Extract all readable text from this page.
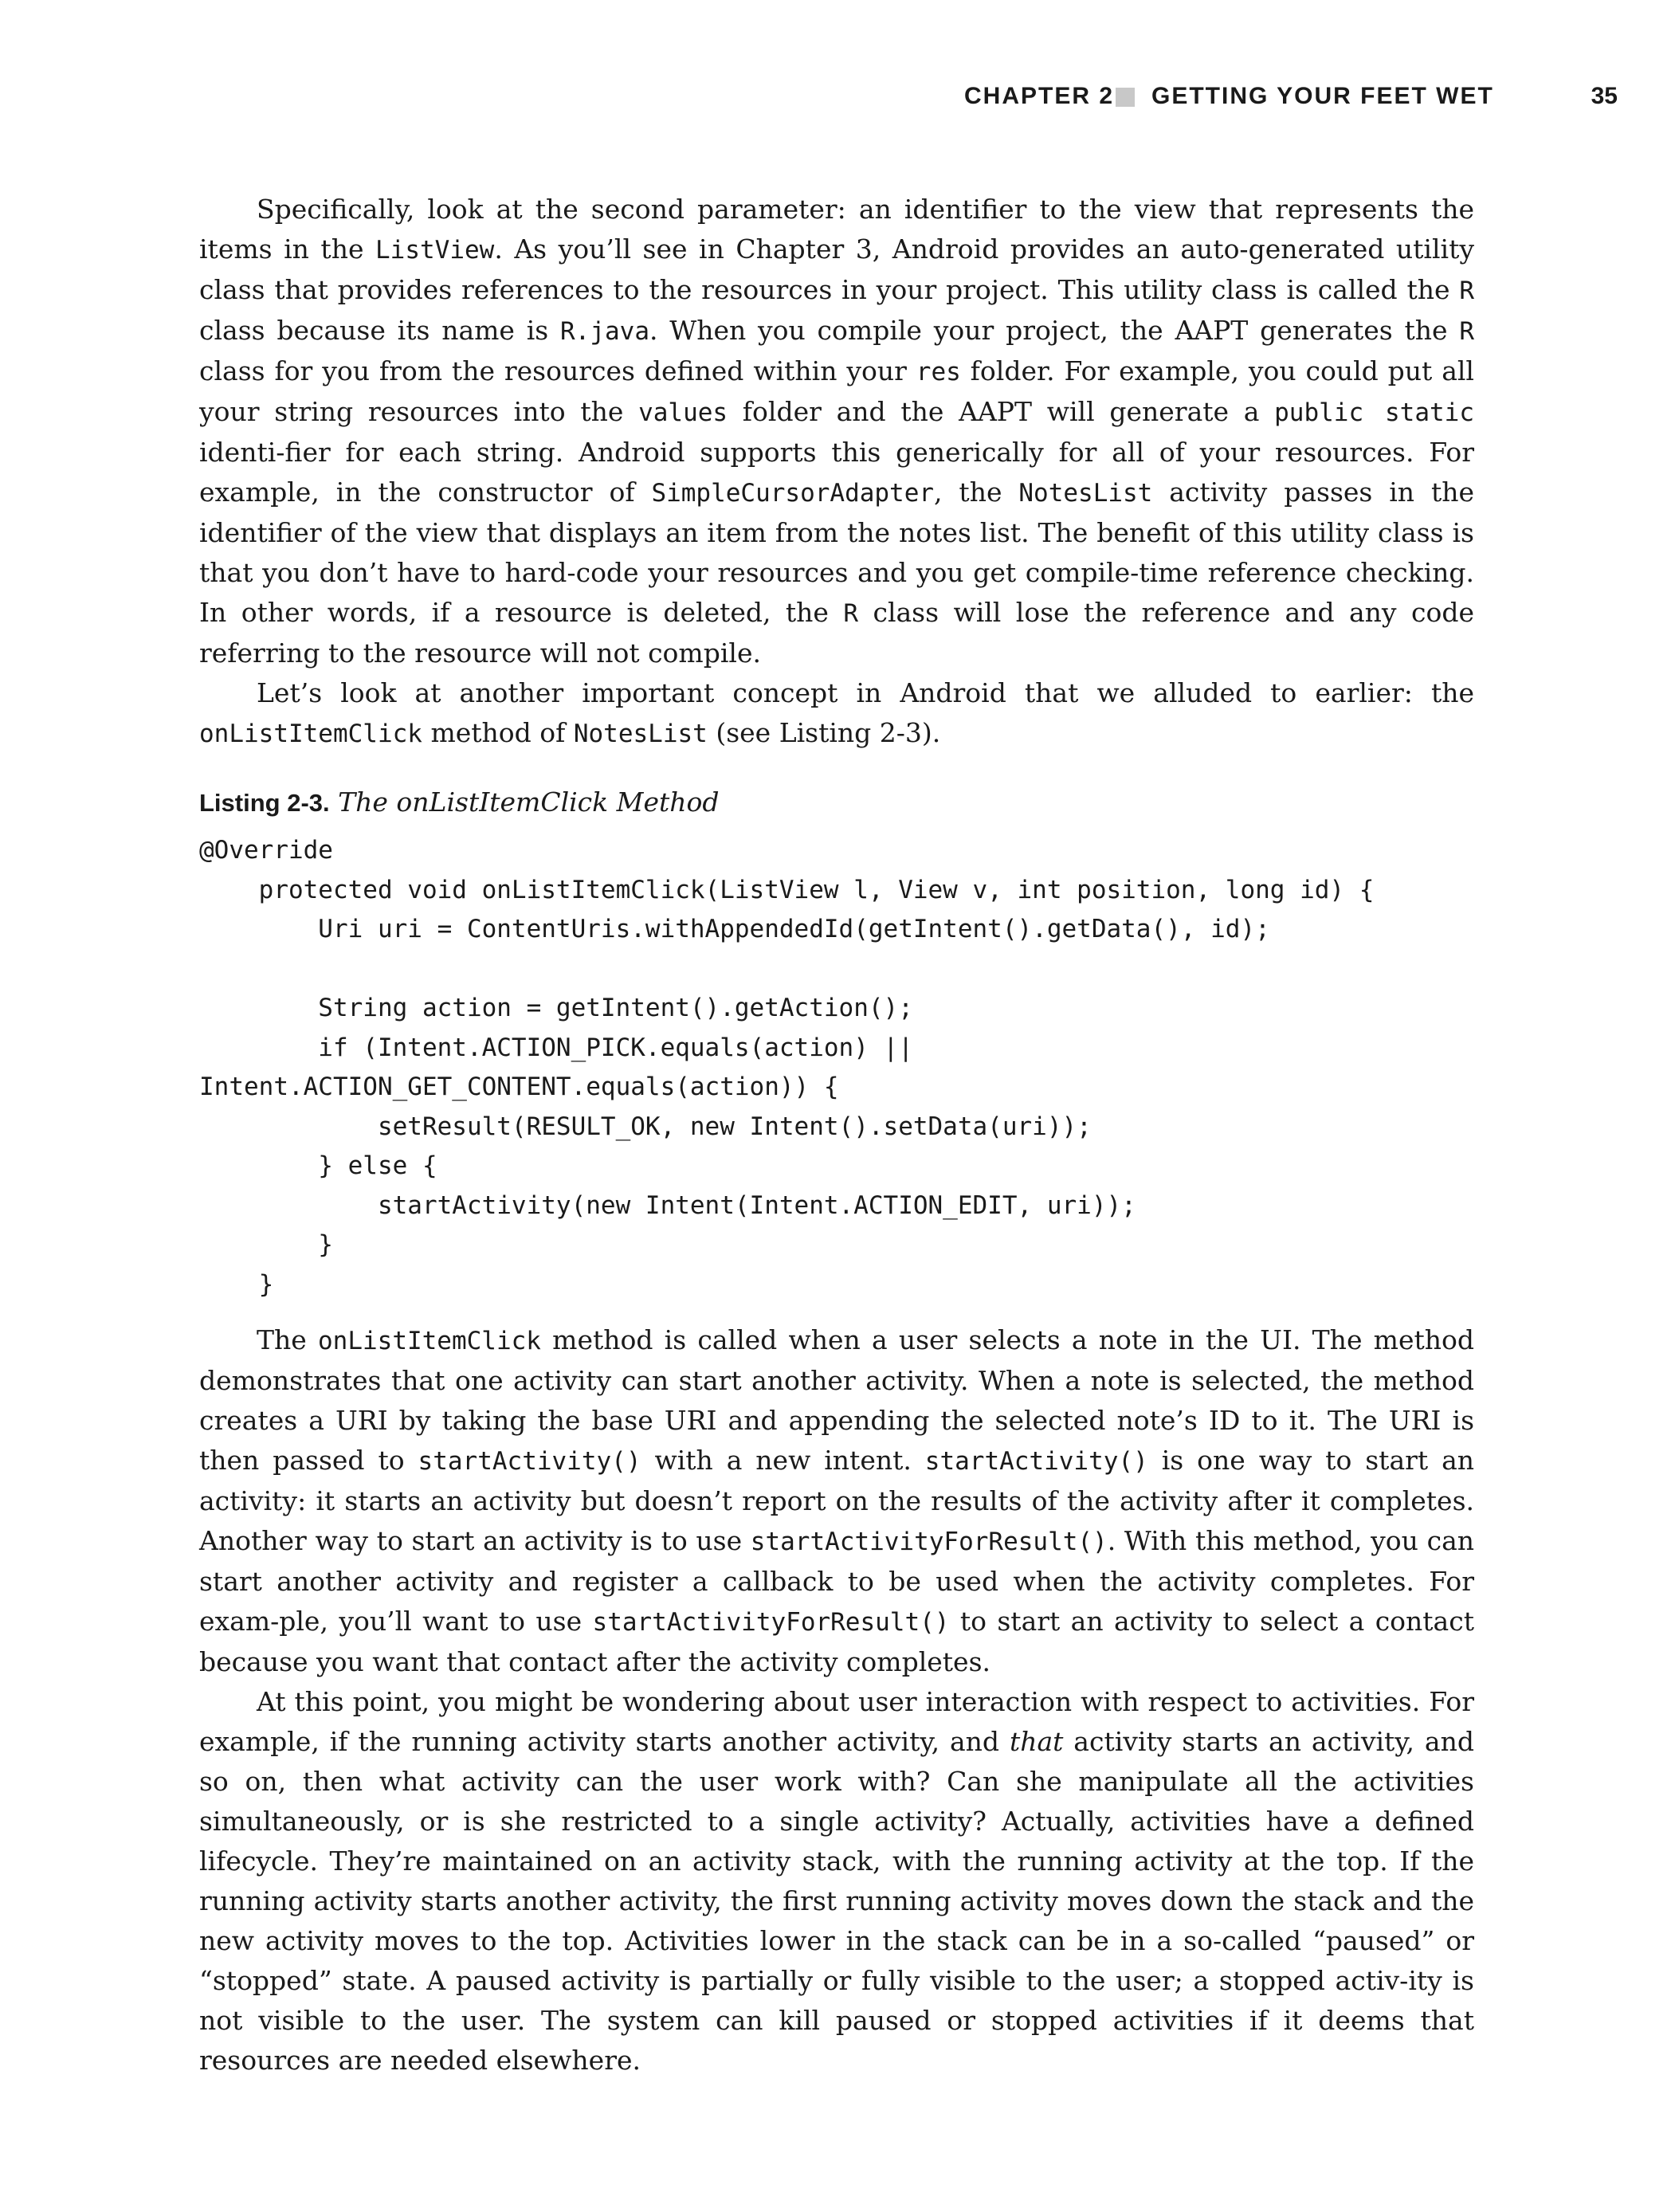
CHAPTER 2 GETTING YOUR FEET WET	35

Specifically, look at the second parameter: an identifier to the view that represents the items in the ListView. As you’ll see in Chapter 3, Android provides an auto-generated utility class that provides references to the resources in your project. This utility class is called the R class because its name is R.java. When you compile your project, the AAPT generates the R class for you from the resources defined within your res folder. For example, you could put all your string resources into the values folder and the AAPT will generate a public static identi-fier for each string. Android supports this generically for all of your resources. For example, in the constructor of SimpleCursorAdapter, the NotesList activity passes in the identifier of the view that displays an item from the notes list. The benefit of this utility class is that you don’t have to hard-code your resources and you get compile-time reference checking. In other words, if a resource is deleted, the R class will lose the reference and any code referring to the resource will not compile.

Let’s look at another important concept in Android that we alluded to earlier: the onListItemClick method of NotesList (see Listing 2-3).

Listing 2-3. The onListItemClick Method
@Override
protected void onListItemClick(ListView l, View v, int position, long id) {
Uri uri = ContentUris.withAppendedId(getIntent().getData(), id);

String action = getIntent().getAction();
if (Intent.ACTION_PICK.equals(action) ||
Intent.ACTION_GET_CONTENT.equals(action)) {
setResult(RESULT_OK, new Intent().setData(uri));
} else {
startActivity(new Intent(Intent.ACTION_EDIT, uri));
}
}

The onListItemClick method is called when a user selects a note in the UI. The method demonstrates that one activity can start another activity. When a note is selected, the method creates a URI by taking the base URI and appending the selected note’s ID to it. The URI is then passed to startActivity() with a new intent. startActivity() is one way to start an activity: it starts an activity but doesn’t report on the results of the activity after it completes. Another way to start an activity is to use startActivityForResult(). With this method, you can start another activity and register a callback to be used when the activity completes. For exam-ple, you’ll want to use startActivityForResult() to start an activity to select a contact because you want that contact after the activity completes.

At this point, you might be wondering about user interaction with respect to activities. For example, if the running activity starts another activity, and that activity starts an activity, and so on, then what activity can the user work with? Can she manipulate all the activities simultaneously, or is she restricted to a single activity? Actually, activities have a defined lifecycle. They’re maintained on an activity stack, with the running activity at the top. If the running activity starts another activity, the first running activity moves down the stack and the new activity moves to the top. Activities lower in the stack can be in a so-called “paused” or “stopped” state. A paused activity is partially or fully visible to the user; a stopped activ-ity is not visible to the user. The system can kill paused or stopped activities if it deems that resources are needed elsewhere.
